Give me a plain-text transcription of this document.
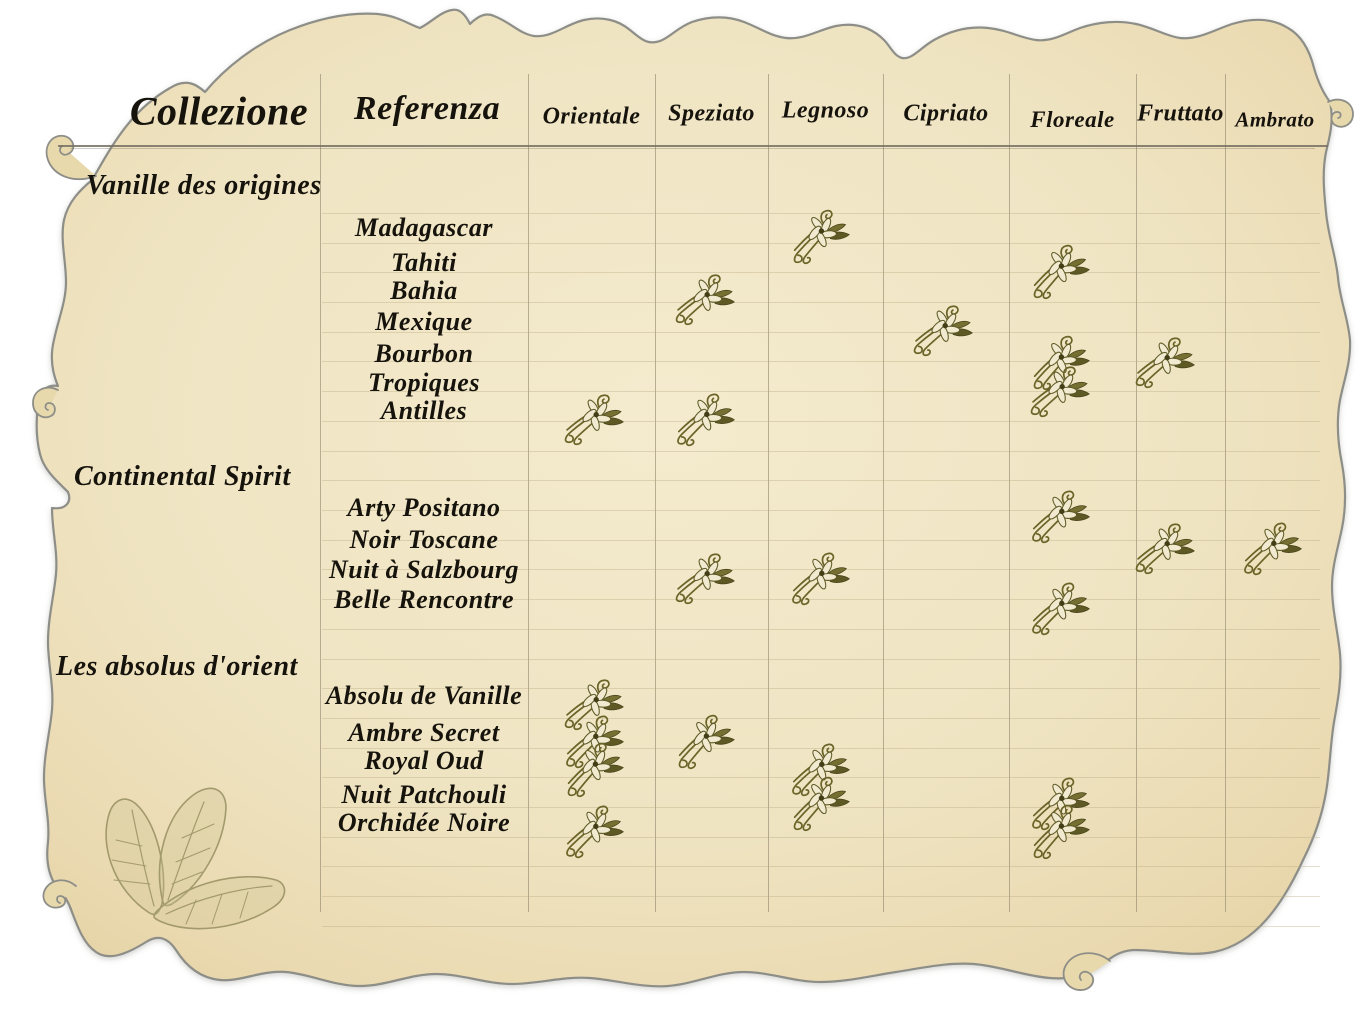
Collezione Referenza Orientale Speziato Legnoso Cipriato Floreale Fruttato Ambrato
Vanille des origines
Madagascar
Tahiti
Bahia
Mexique
Bourbon
Tropiques
Antilles
Continental Spirit
Arty Positano
Noir Toscane
Nuit à Salzbourg
Belle Rencontre
Les absolus d'orient
Absolu de Vanille
Ambre Secret
Royal Oud
Nuit Patchouli
Orchidée Noire
